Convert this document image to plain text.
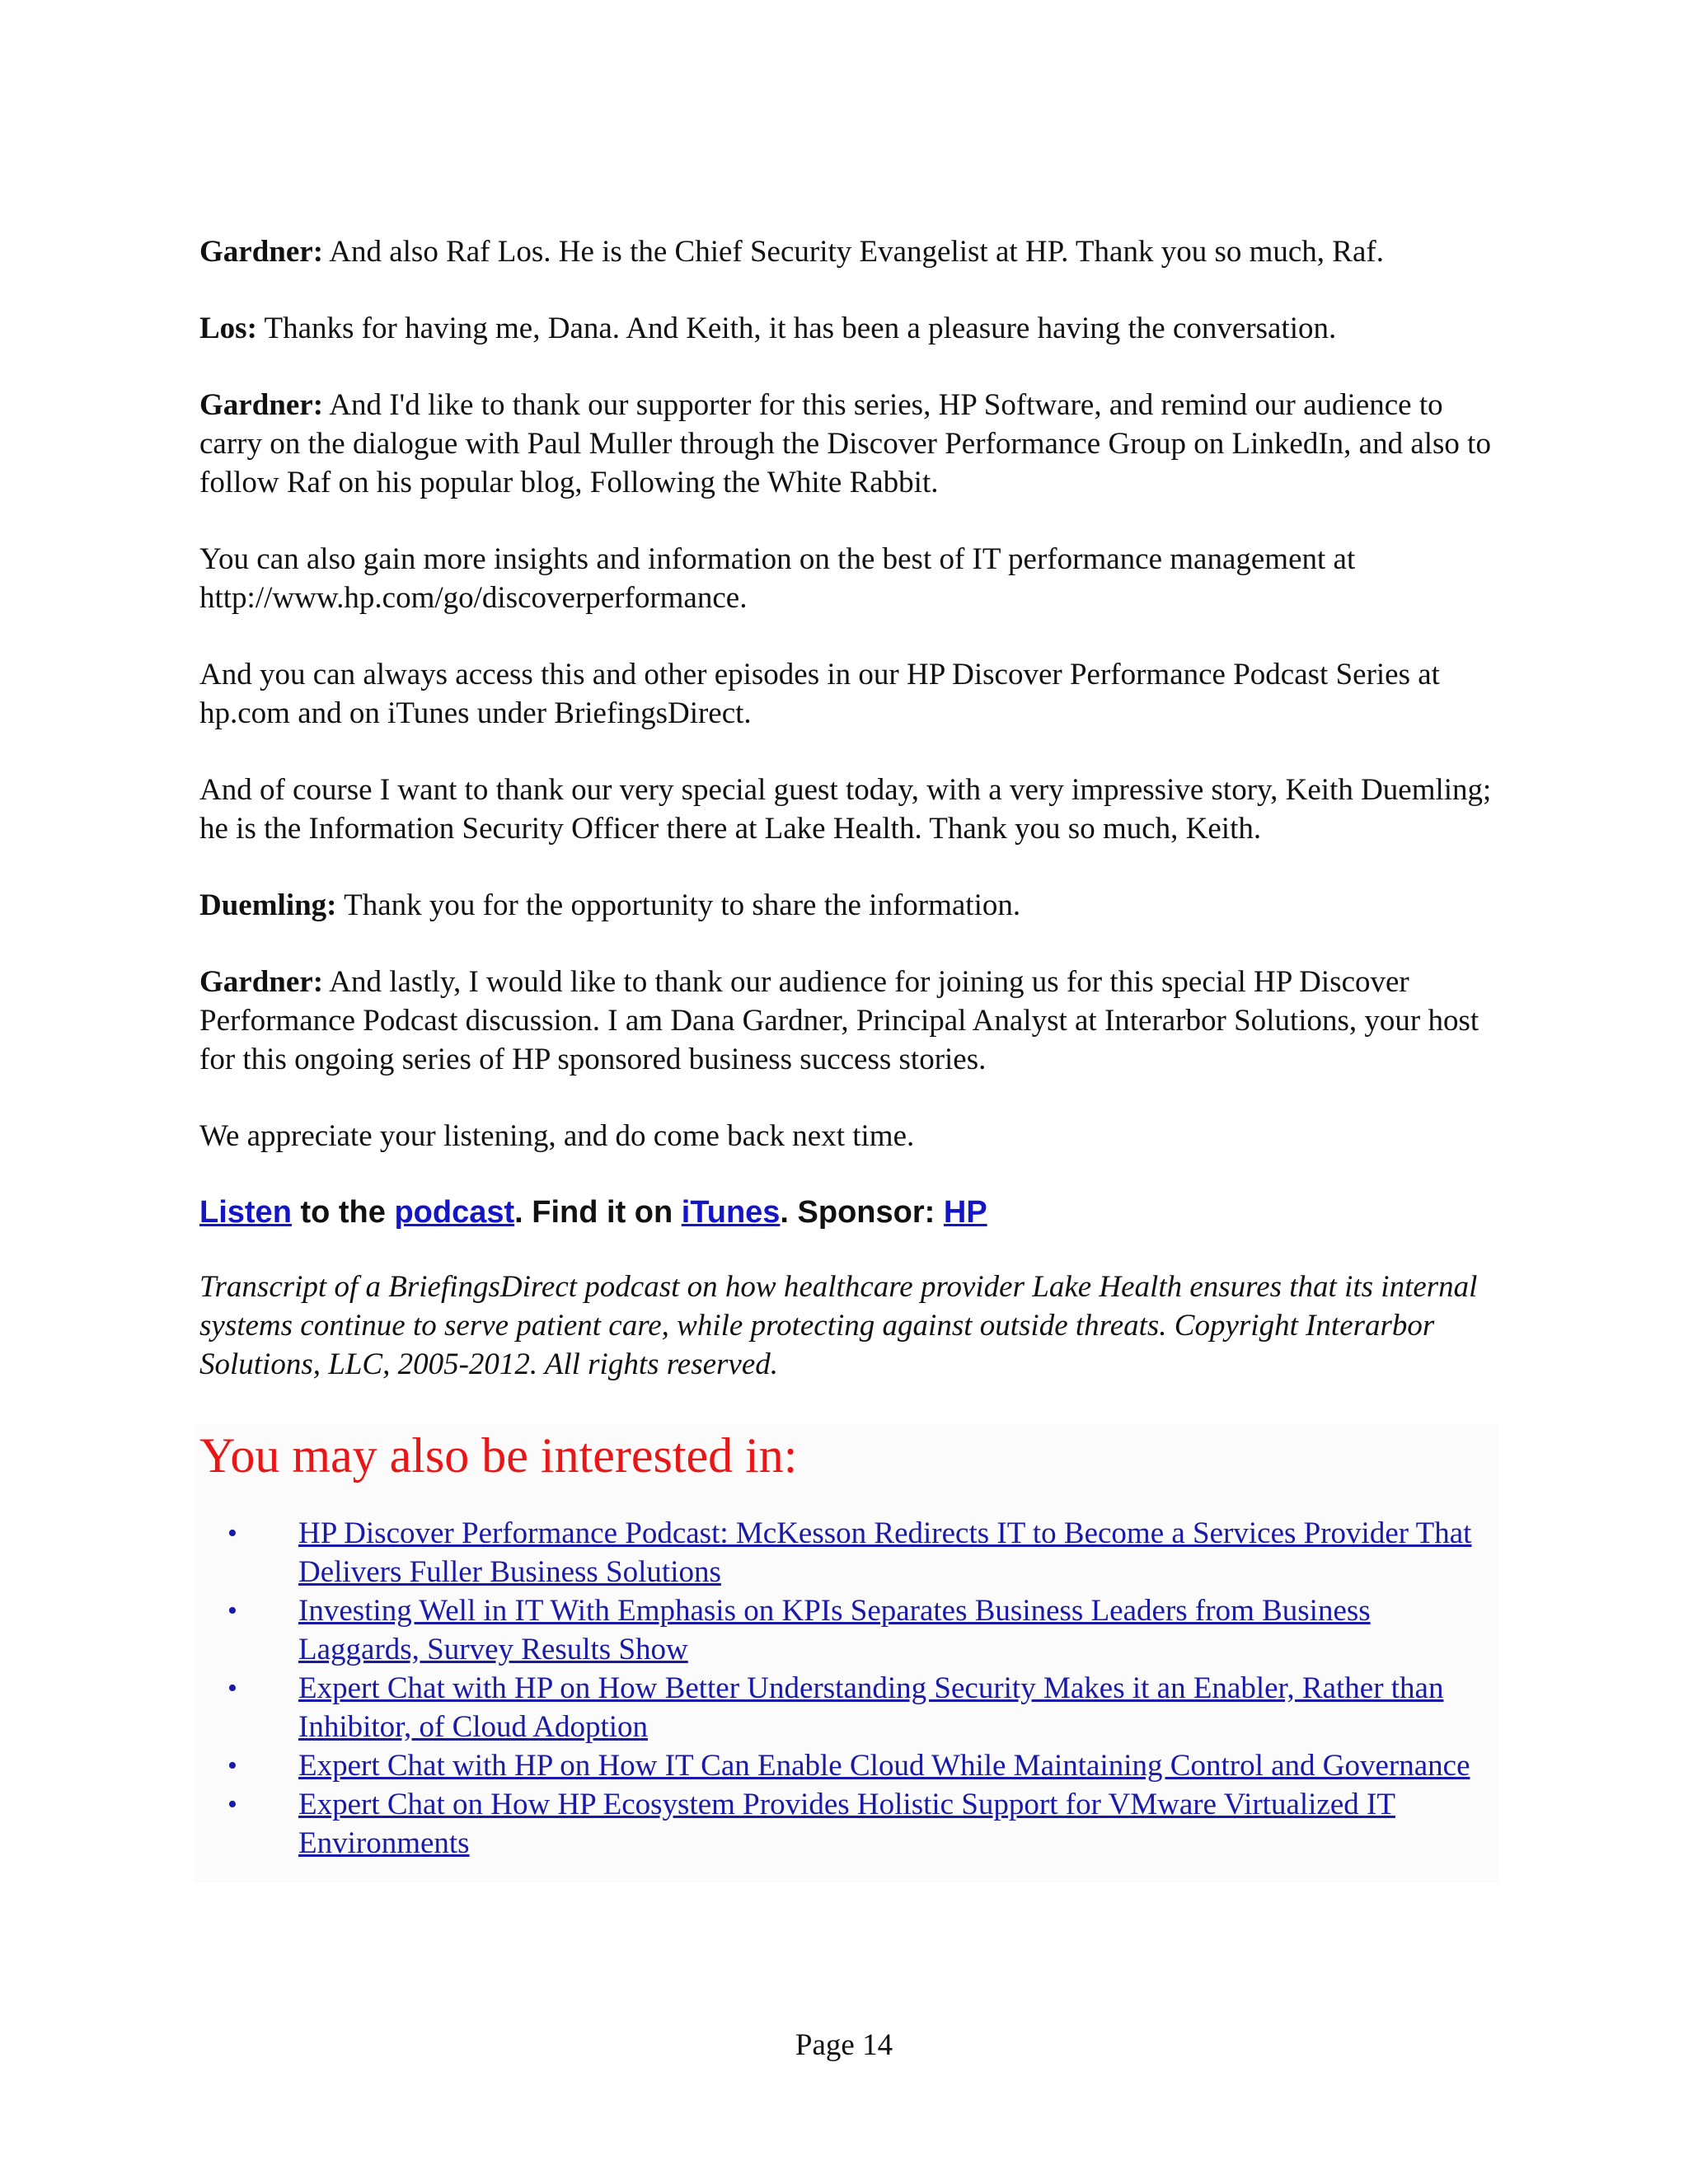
Gardner: And also Raf Los. He is the Chief Security Evangelist at HP. Thank you so much, Raf.

Los: Thanks for having me, Dana. And Keith, it has been a pleasure having the conversation.

Gardner: And I'd like to thank our supporter for this series, HP Software, and remind our audience to carry on the dialogue with Paul Muller through the Discover Performance Group on LinkedIn, and also to follow Raf on his popular blog, Following the White Rabbit.

You can also gain more insights and information on the best of IT performance management at http://www.hp.com/go/discoverperformance.

And you can always access this and other episodes in our HP Discover Performance Podcast Series at hp.com and on iTunes under BriefingsDirect.

And of course I want to thank our very special guest today, with a very impressive story, Keith Duemling; he is the Information Security Officer there at Lake Health. Thank you so much, Keith.

Duemling: Thank you for the opportunity to share the information.

Gardner: And lastly, I would like to thank our audience for joining us for this special HP Discover Performance Podcast discussion. I am Dana Gardner, Principal Analyst at Interarbor Solutions, your host for this ongoing series of HP sponsored business success stories.

We appreciate your listening, and do come back next time.

Listen to the podcast. Find it on iTunes. Sponsor: HP

Transcript of a BriefingsDirect podcast on how healthcare provider Lake Health ensures that its internal systems continue to serve patient care, while protecting against outside threats. Copyright Interarbor Solutions, LLC, 2005-2012. All rights reserved.

You may also be interested in:
• HP Discover Performance Podcast: McKesson Redirects IT to Become a Services Provider That Delivers Fuller Business Solutions
• Investing Well in IT With Emphasis on KPIs Separates Business Leaders from Business Laggards, Survey Results Show
• Expert Chat with HP on How Better Understanding Security Makes it an Enabler, Rather than Inhibitor, of Cloud Adoption
• Expert Chat with HP on How IT Can Enable Cloud While Maintaining Control and Governance
• Expert Chat on How HP Ecosystem Provides Holistic Support for VMware Virtualized IT Environments
Page 14
